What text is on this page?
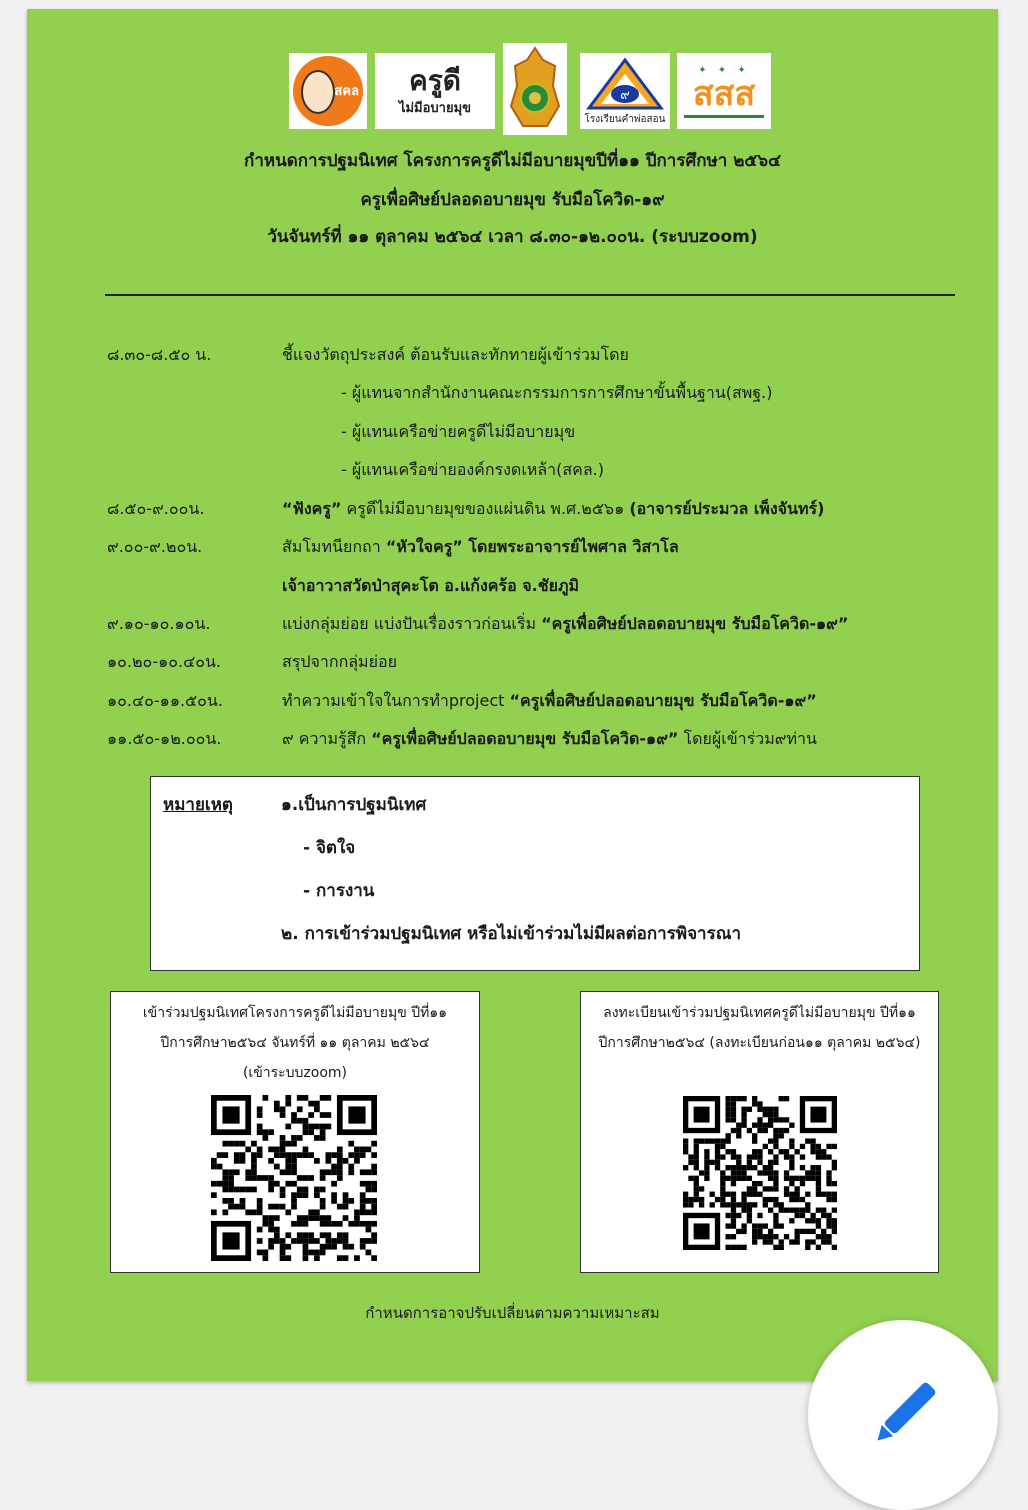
สคล ครูดี
ไม่มีอบายมุข
๙
โรงเรียนคำพ่อสอน
✦ ✦ ✦
สสส
กำหนดการปฐมนิเทศ โครงการครูดีไม่มีอบายมุขปีที่๑๑ ปีการศึกษา ๒๕๖๔
ครูเพื่อศิษย์ปลอดอบายมุข รับมือโควิด-๑๙
วันจันทร์ที่ ๑๑ ตุลาคม ๒๕๖๔ เวลา ๘.๓๐-๑๒.๐๐น. (ระบบzoom)
๘.๓๐-๘.๕๐ น.	ชี้แจงวัตถุประสงค์ ต้อนรับและทักทายผู้เข้าร่วมโดย
- ผู้แทนจากสำนักงานคณะกรรมการการศึกษาขั้นพื้นฐาน(สพฐ.)
- ผู้แทนเครือข่ายครูดีไม่มีอบายมุข
- ผู้แทนเครือข่ายองค์กรงดเหล้า(สคล.)
๘.๕๐-๙.๐๐น.	“ฟังครู” ครูดีไม่มีอบายมุขของแผ่นดิน พ.ศ.๒๕๖๑ (อาจารย์ประมวล เพ็งจันทร์)
๙.๐๐-๙.๒๐น.	สัมโมทนียกถา “หัวใจครู” โดยพระอาจารย์ไพศาล วิสาโล
เจ้าอาวาสวัดป่าสุคะโต อ.แก้งคร้อ จ.ชัยภูมิ
๙.๑๐-๑๐.๑๐น.	แบ่งกลุ่มย่อย แบ่งปันเรื่องราวก่อนเริ่ม “ครูเพื่อศิษย์ปลอดอบายมุข รับมือโควิด-๑๙”
๑๐.๒๐-๑๐.๔๐น.	สรุปจากกลุ่มย่อย
๑๐.๔๐-๑๑.๕๐น.	ทำความเข้าใจในการทำproject “ครูเพื่อศิษย์ปลอดอบายมุข รับมือโควิด-๑๙”
๑๑.๕๐-๑๒.๐๐น.	๙ ความรู้สึก “ครูเพื่อศิษย์ปลอดอบายมุข รับมือโควิด-๑๙” โดยผู้เข้าร่วม๙ท่าน
หมายเหตุ	๑.เป็นการปฐมนิเทศ
- จิตใจ
- การงาน
๒. การเข้าร่วมปฐมนิเทศ หรือไม่เข้าร่วมไม่มีผลต่อการพิจารณา
เข้าร่วมปฐมนิเทศโครงการครูดีไม่มีอบายมุข ปีที่๑๑
ปีการศึกษา๒๕๖๔ จันทร์ที่ ๑๑ ตุลาคม ๒๕๖๔
(เข้าระบบzoom)
ลงทะเบียนเข้าร่วมปฐมนิเทศครูดีไม่มีอบายมุข ปีที่๑๑
ปีการศึกษา๒๕๖๔ (ลงทะเบียนก่อน๑๑ ตุลาคม ๒๕๖๔)
กำหนดการอาจปรับเปลี่ยนตามความเหมาะสม
